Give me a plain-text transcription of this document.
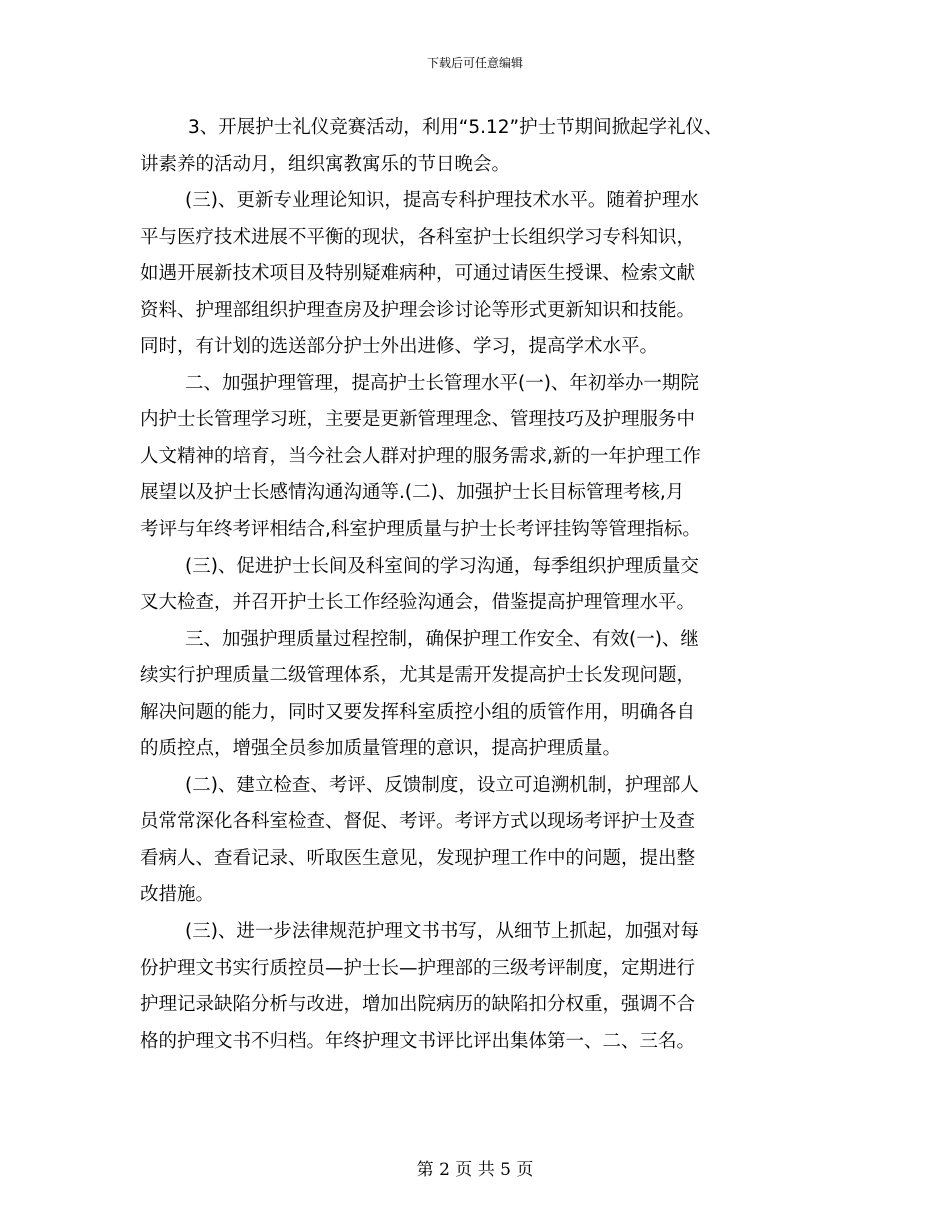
下载后可任意编辑
3、开展护士礼仪竞赛活动，利用“5.12”护士节期间掀起学礼仪、
讲素养的活动月，组织寓教寓乐的节日晚会。
(三)、更新专业理论知识，提高专科护理技术水平。随着护理水
平与医疗技术进展不平衡的现状，各科室护士长组织学习专科知识，
如遇开展新技术项目及特别疑难病种，可通过请医生授课、检索文献
资料、护理部组织护理查房及护理会诊讨论等形式更新知识和技能。
同时，有计划的选送部分护士外出进修、学习，提高学术水平。
二、加强护理管理，提高护士长管理水平(一)、年初举办一期院
内护士长管理学习班，主要是更新管理理念、管理技巧及护理服务中
人文精神的培育，当今社会人群对护理的服务需求,新的一年护理工作
展望以及护士长感情沟通沟通等.(二)、加强护士长目标管理考核,月
考评与年终考评相结合,科室护理质量与护士长考评挂钩等管理指标。
(三)、促进护士长间及科室间的学习沟通，每季组织护理质量交
叉大检查，并召开护士长工作经验沟通会，借鉴提高护理管理水平。
三、加强护理质量过程控制，确保护理工作安全、有效(一)、继
续实行护理质量二级管理体系，尤其是需开发提高护士长发现问题，
解决问题的能力，同时又要发挥科室质控小组的质管作用，明确各自
的质控点，增强全员参加质量管理的意识，提高护理质量。
(二)、建立检查、考评、反馈制度，设立可追溯机制，护理部人
员常常深化各科室检查、督促、考评。考评方式以现场考评护士及查
看病人、查看记录、听取医生意见，发现护理工作中的问题，提出整
改措施。
(三)、进一步法律规范护理文书书写，从细节上抓起，加强对每
份护理文书实行质控员—护士长—护理部的三级考评制度，定期进行
护理记录缺陷分析与改进，增加出院病历的缺陷扣分权重，强调不合
格的护理文书不归档。年终护理文书评比评出集体第一、二、三名。
第 2 页 共 5 页
